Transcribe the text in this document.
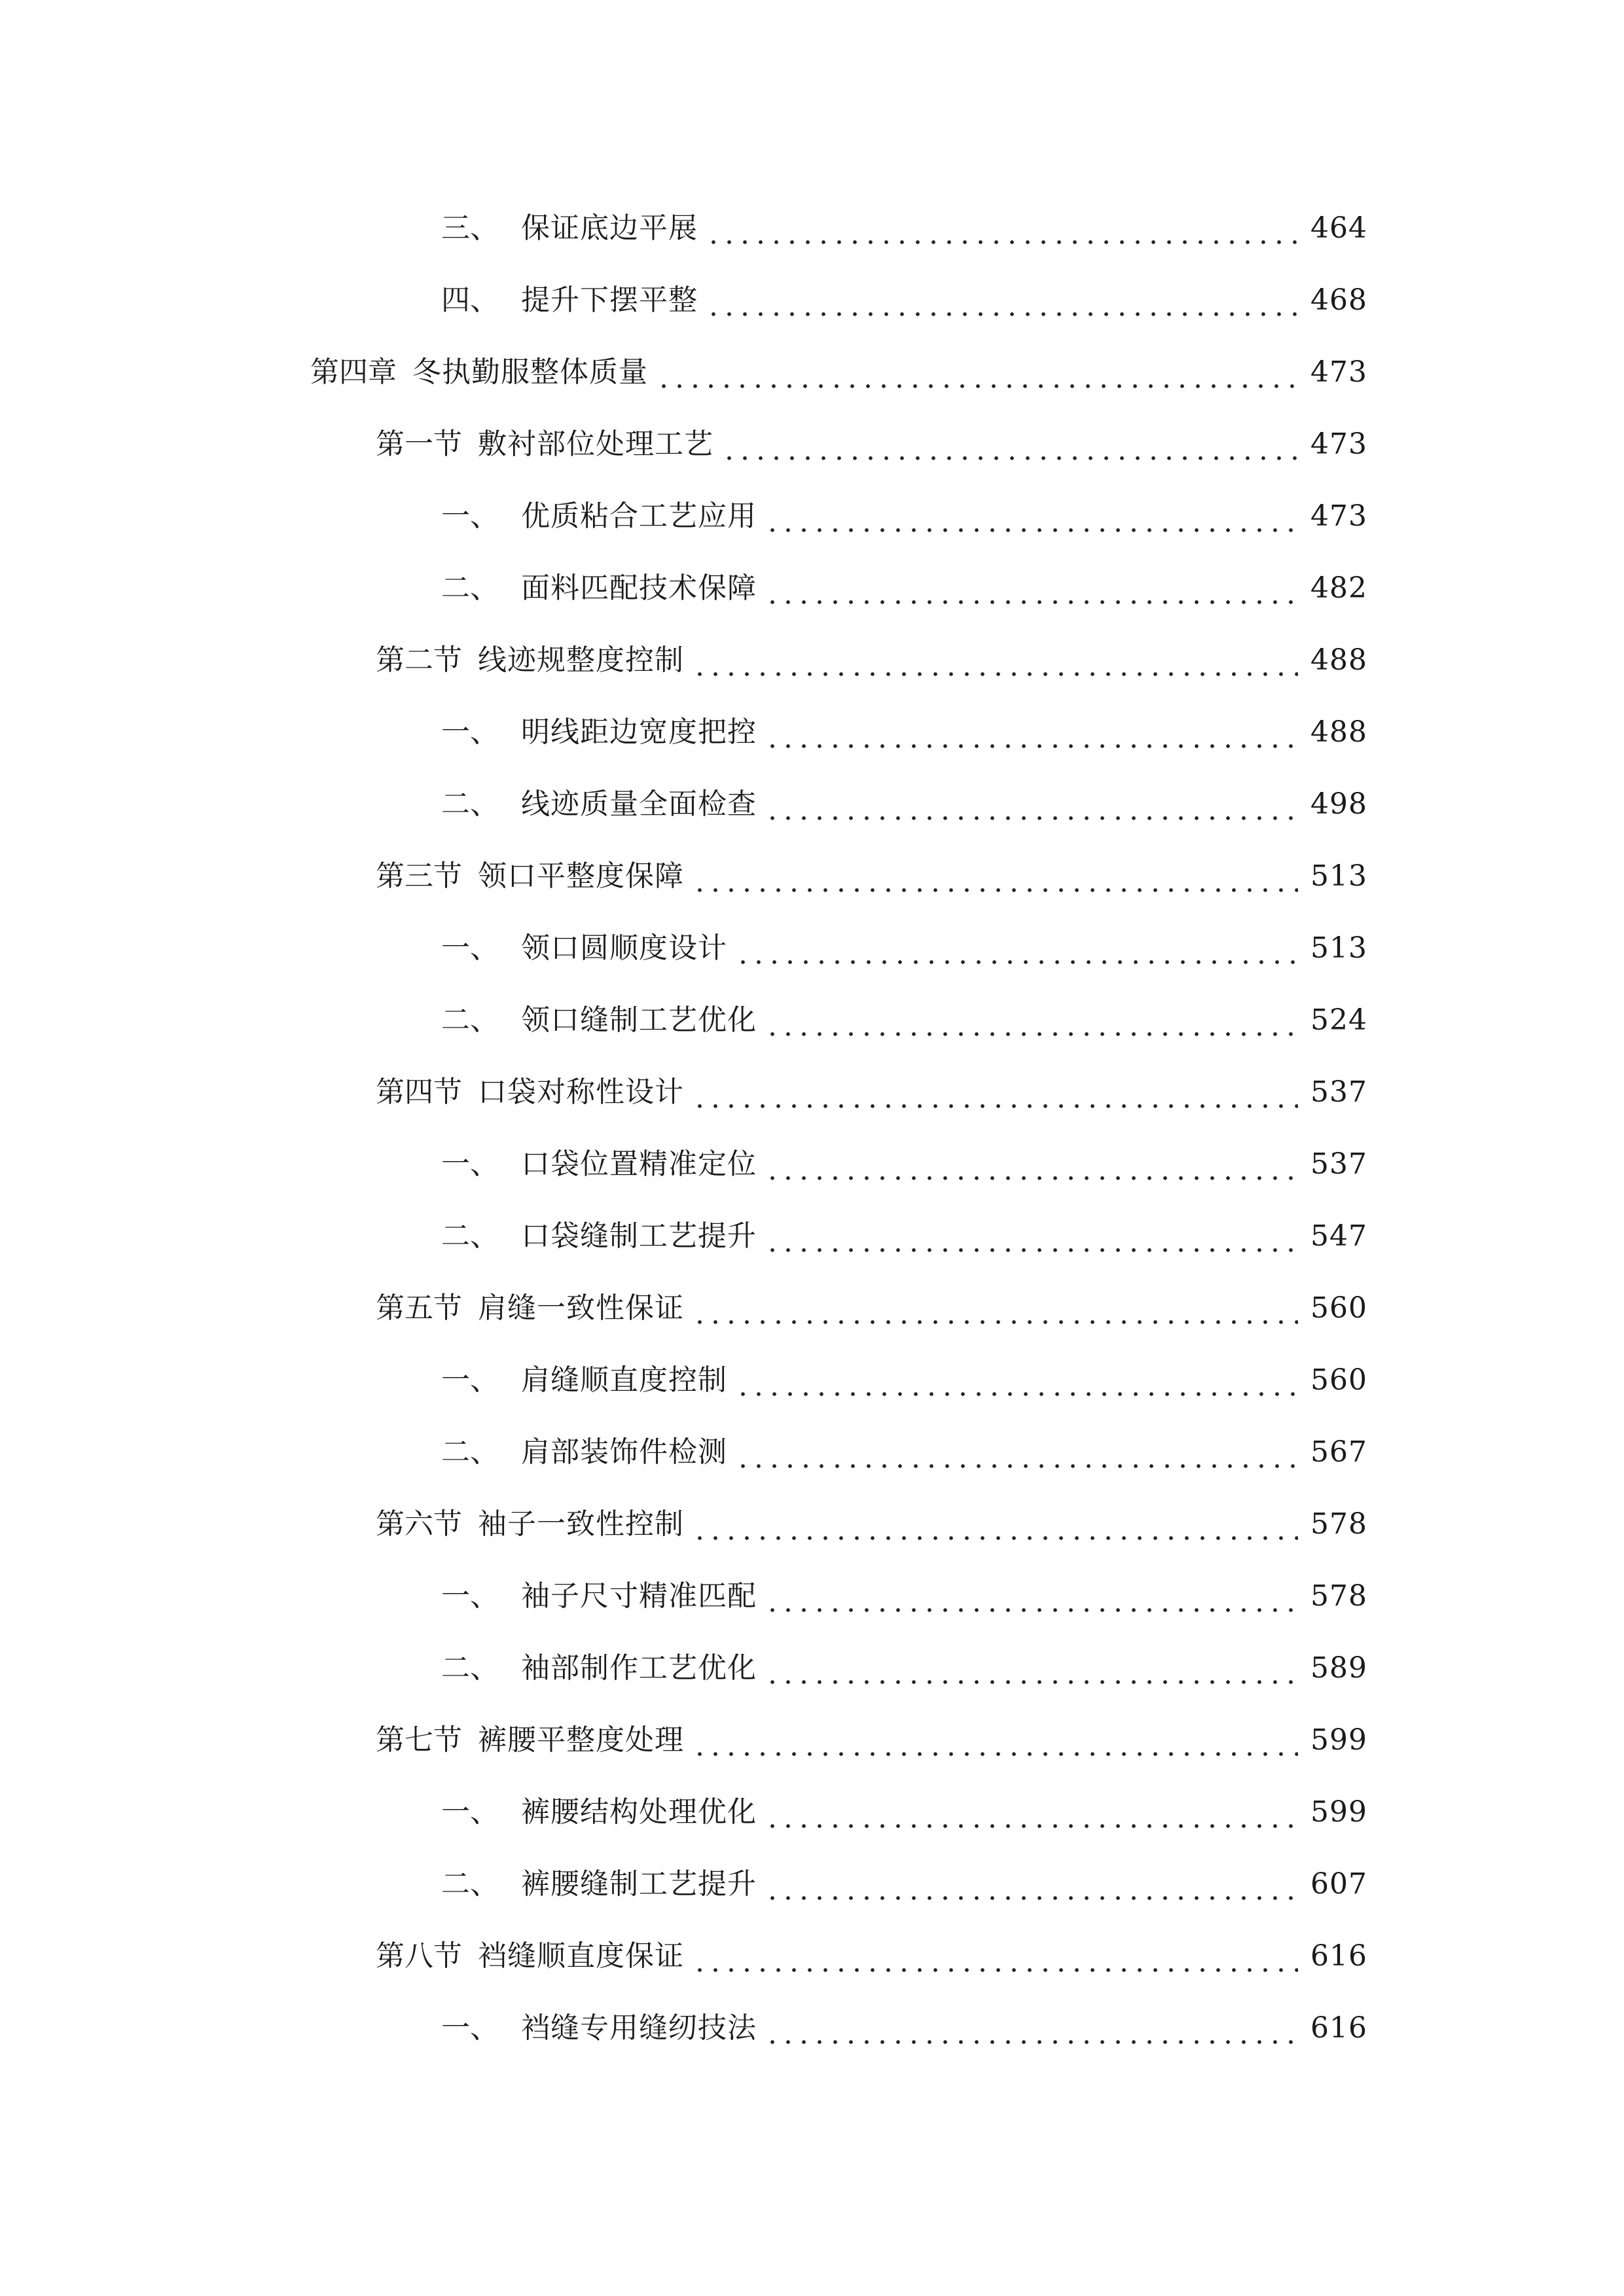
三、 保证底边平展	464
四、 提升下摆平整	468
第四章 冬执勤服整体质量	473
第一节 敷衬部位处理工艺	473
一、 优质粘合工艺应用	473
二、 面料匹配技术保障	482
第二节 线迹规整度控制	488
一、 明线距边宽度把控	488
二、 线迹质量全面检查	498
第三节 领口平整度保障	513
一、 领口圆顺度设计	513
二、 领口缝制工艺优化	524
第四节 口袋对称性设计	537
一、 口袋位置精准定位	537
二、 口袋缝制工艺提升	547
第五节 肩缝一致性保证	560
一、 肩缝顺直度控制	560
二、 肩部装饰件检测	567
第六节 袖子一致性控制	578
一、 袖子尺寸精准匹配	578
二、 袖部制作工艺优化	589
第七节 裤腰平整度处理	599
一、 裤腰结构处理优化	599
二、 裤腰缝制工艺提升	607
第八节 裆缝顺直度保证	616
一、 裆缝专用缝纫技法	616
